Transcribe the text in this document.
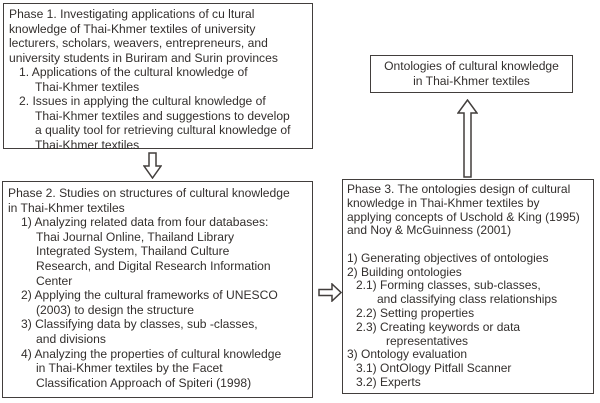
Phase 1. Investigating applications of cu ltural
knowledge of Thai-Khmer textiles of university
lecturers, scholars, weavers, entrepreneurs, and
university students in Buriram and Surin provinces
1. Applications of the cultural knowledge of
Thai-Khmer textiles
2. Issues in applying the cultural knowledge of
Thai-Khmer textiles and suggestions to develop
a quality tool for retrieving cultural knowledge of
Thai-Khmer textiles
Phase 2. Studies on structures of cultural knowledge
in Thai-Khmer textiles
1) Analyzing related data from four databases:
Thai Journal Online, Thailand Library
Integrated System, Thailand Culture
Research, and Digital Research Information
Center
2) Applying the cultural frameworks of UNESCO
(2003) to design the structure
3) Classifying data by classes, sub -classes,
and divisions
4) Analyzing the properties of cultural knowledge
in Thai-Khmer textiles by the Facet
Classification Approach of Spiteri (1998)
Phase 3. The ontologies design of cultural
knowledge in Thai-Khmer textiles by
applying concepts of Uschold & King (1995)
and Noy & McGuinness (2001)
1) Generating objectives of ontologies
2) Building ontologies
2.1) Forming classes, sub-classes,
and classifying class relationships
2.2) Setting properties
2.3) Creating keywords or data
representatives
3) Ontology evaluation
3.1) OntOlogy Pitfall Scanner
3.2) Experts
Ontologies of cultural knowledge
in Thai-Khmer textiles
